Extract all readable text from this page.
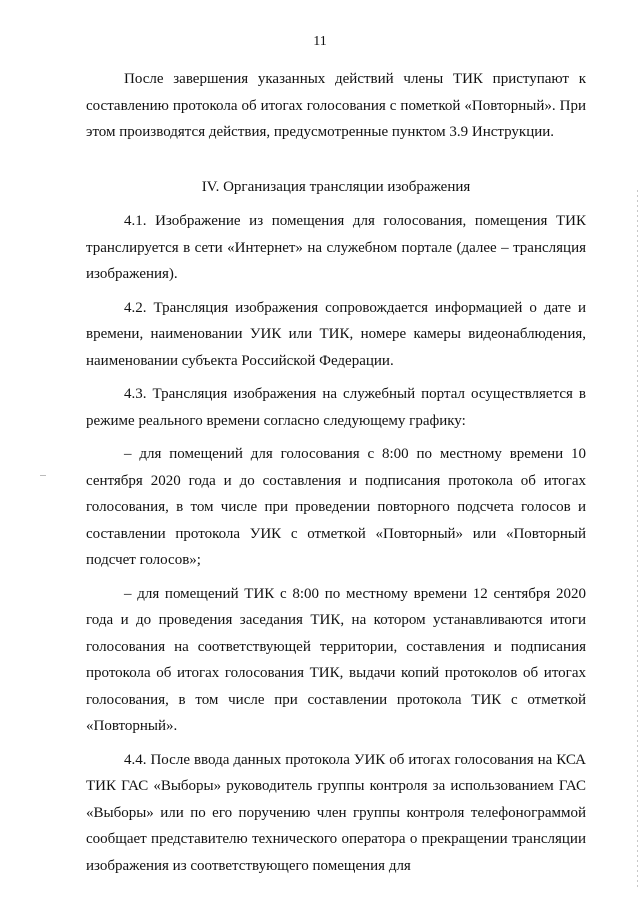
11

После завершения указанных действий члены ТИК приступают к составлению протокола об итогах голосования с пометкой «Повторный». При этом производятся действия, предусмотренные пунктом 3.9 Инструкции.

IV. Организация трансляции изображения

4.1. Изображение из помещения для голосования, помещения ТИК транслируется в сети «Интернет» на служебном портале (далее – трансляция изображения).

4.2. Трансляция изображения сопровождается информацией о дате и времени, наименовании УИК или ТИК, номере камеры видеонаблюдения, наименовании субъекта Российской Федерации.

4.3. Трансляция изображения на служебный портал осуществляется в режиме реального времени согласно следующему графику:

– для помещений для голосования с 8:00 по местному времени 10 сентября 2020 года и до составления и подписания протокола об итогах голосования, в том числе при проведении повторного подсчета голосов и составлении протокола УИК с отметкой «Повторный» или «Повторный подсчет голосов»;

– для помещений ТИК с 8:00 по местному времени 12 сентября 2020 года и до проведения заседания ТИК, на котором устанавливаются итоги голосования на соответствующей территории, составления и подписания протокола об итогах голосования ТИК, выдачи копий протоколов об итогах голосования, в том числе при составлении протокола ТИК с отметкой «Повторный».

4.4. После ввода данных протокола УИК об итогах голосования на КСА ТИК ГАС «Выборы» руководитель группы контроля за использованием ГАС «Выборы» или по его поручению член группы контроля телефонограммой сообщает представителю технического оператора о прекращении трансляции изображения из соответствующего помещения для
